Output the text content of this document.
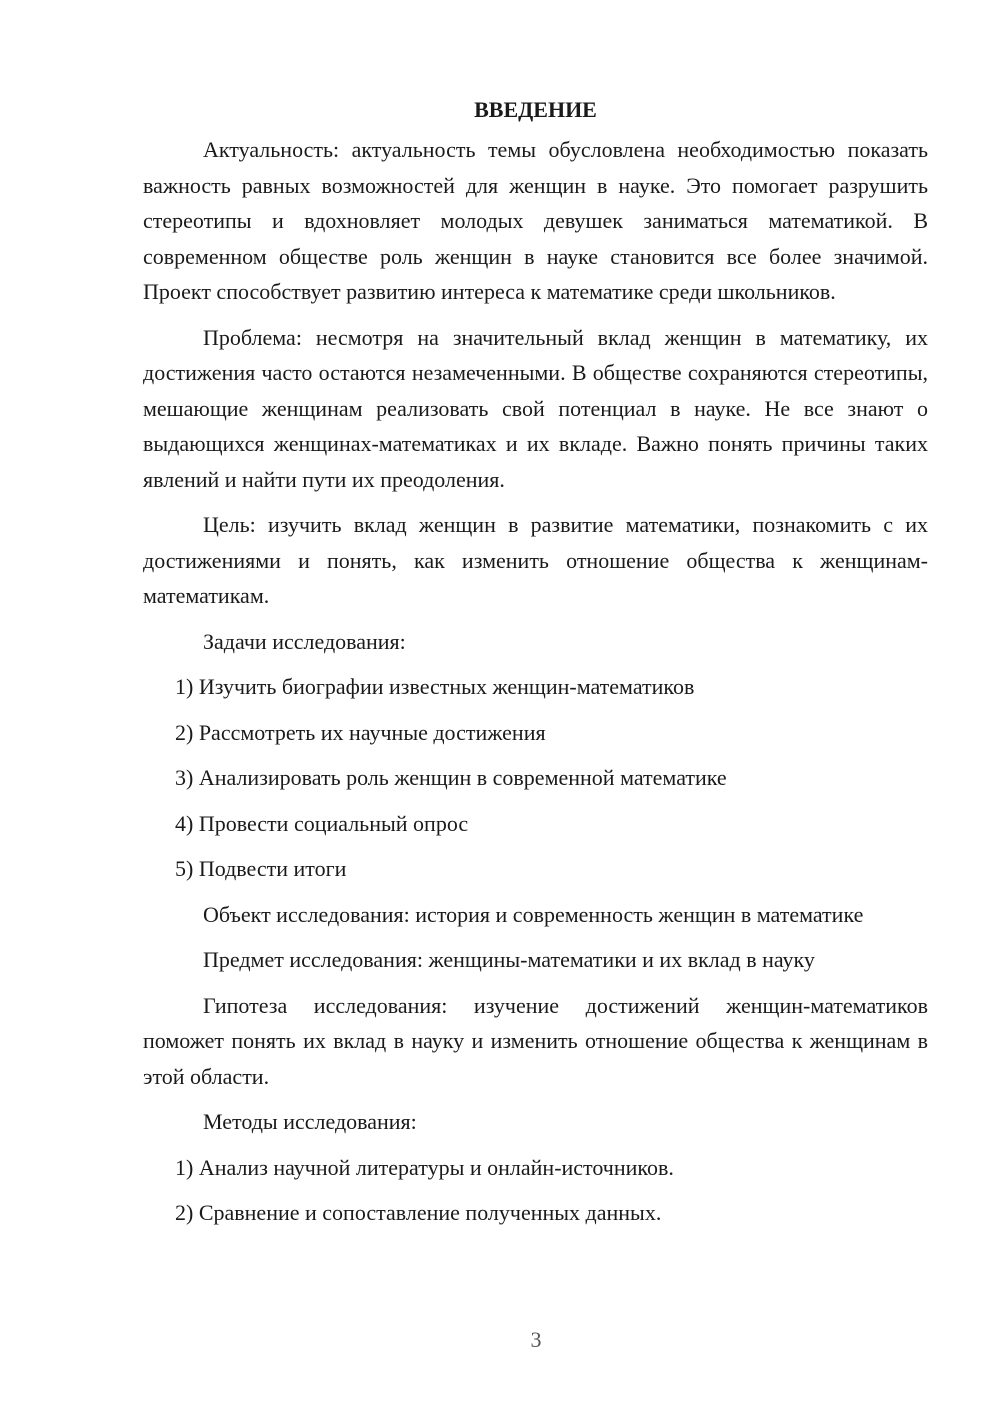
ВВЕДЕНИЕ

Актуальность: актуальность темы обусловлена необходимостью показать важность равных возможностей для женщин в науке. Это помогает разрушить стереотипы и вдохновляет молодых девушек заниматься математикой. В современном обществе роль женщин в науке становится все более значимой. Проект способствует развитию интереса к математике среди школьников.

Проблема: несмотря на значительный вклад женщин в математику, их достижения часто остаются незамеченными. В обществе сохраняются стереотипы, мешающие женщинам реализовать свой потенциал в науке. Не все знают о выдающихся женщинах-математиках и их вкладе. Важно понять причины таких явлений и найти пути их преодоления.

Цель: изучить вклад женщин в развитие математики, познакомить с их достижениями и понять, как изменить отношение общества к женщинам-математикам.

Задачи исследования:

1) Изучить биографии известных женщин-математиков
2) Рассмотреть их научные достижения
3) Анализировать роль женщин в современной математике
4) Провести социальный опрос
5) Подвести итоги

Объект исследования: история и современность женщин в математике

Предмет исследования: женщины-математики и их вклад в науку

Гипотеза исследования: изучение достижений женщин-математиков поможет понять их вклад в науку и изменить отношение общества к женщинам в этой области.

Методы исследования:

1) Анализ научной литературы и онлайн-источников.
2) Сравнение и сопоставление полученных данных.
3
